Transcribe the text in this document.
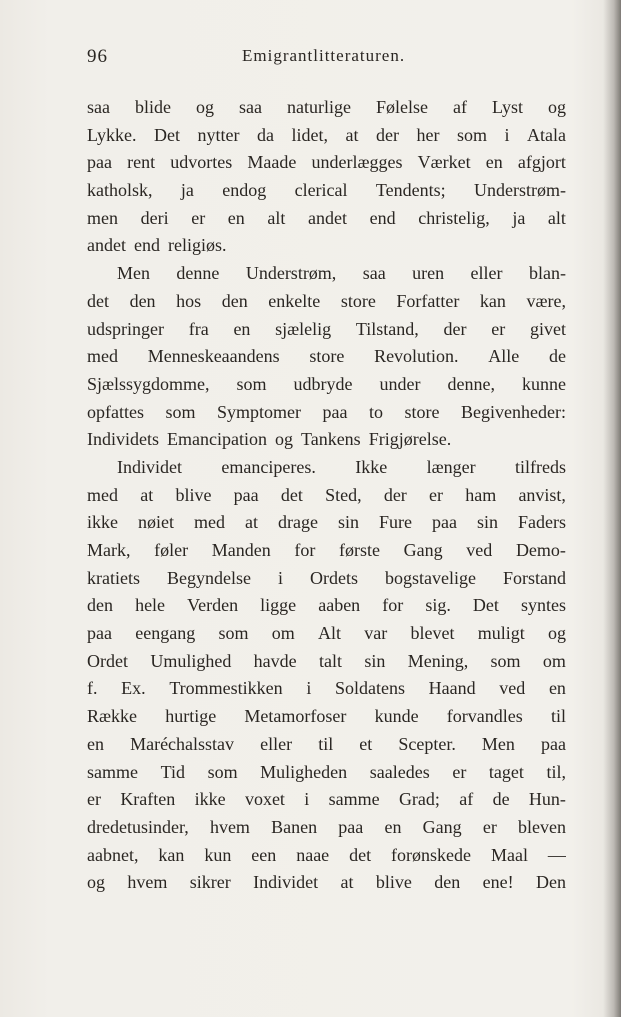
96	Emigrantlitteraturen.
saa blide og saa naturlige Følelse af Lyst og
Lykke. Det nytter da lidet, at der her som i Atala
paa rent udvortes Maade underlægges Værket en afgjort
katholsk, ja endog clerical Tendents; Understrøm-
men deri er en alt andet end christelig, ja alt
andet end religiøs.
Men denne Understrøm, saa uren eller blan-
det den hos den enkelte store Forfatter kan være,
udspringer fra en sjælelig Tilstand, der er givet
med Menneskeaandens store Revolution. Alle de
Sjælssygdomme, som udbryde under denne, kunne
opfattes som Symptomer paa to store Begivenheder:
Individets Emancipation og Tankens Frigjørelse.
Individet emanciperes. Ikke længer tilfreds
med at blive paa det Sted, der er ham anvist,
ikke nøiet med at drage sin Fure paa sin Faders
Mark, føler Manden for første Gang ved Demo-
kratiets Begyndelse i Ordets bogstavelige Forstand
den hele Verden ligge aaben for sig. Det syntes
paa eengang som om Alt var blevet muligt og
Ordet Umulighed havde talt sin Mening, som om
f. Ex. Trommestikken i Soldatens Haand ved en
Række hurtige Metamorfoser kunde forvandles til
en Maréchalsstav eller til et Scepter. Men paa
samme Tid som Muligheden saaledes er taget til,
er Kraften ikke voxet i samme Grad; af de Hun-
dredetusinder, hvem Banen paa en Gang er bleven
aabnet, kan kun een naae det forønskede Maal —
og hvem sikrer Individet at blive den ene! Den
